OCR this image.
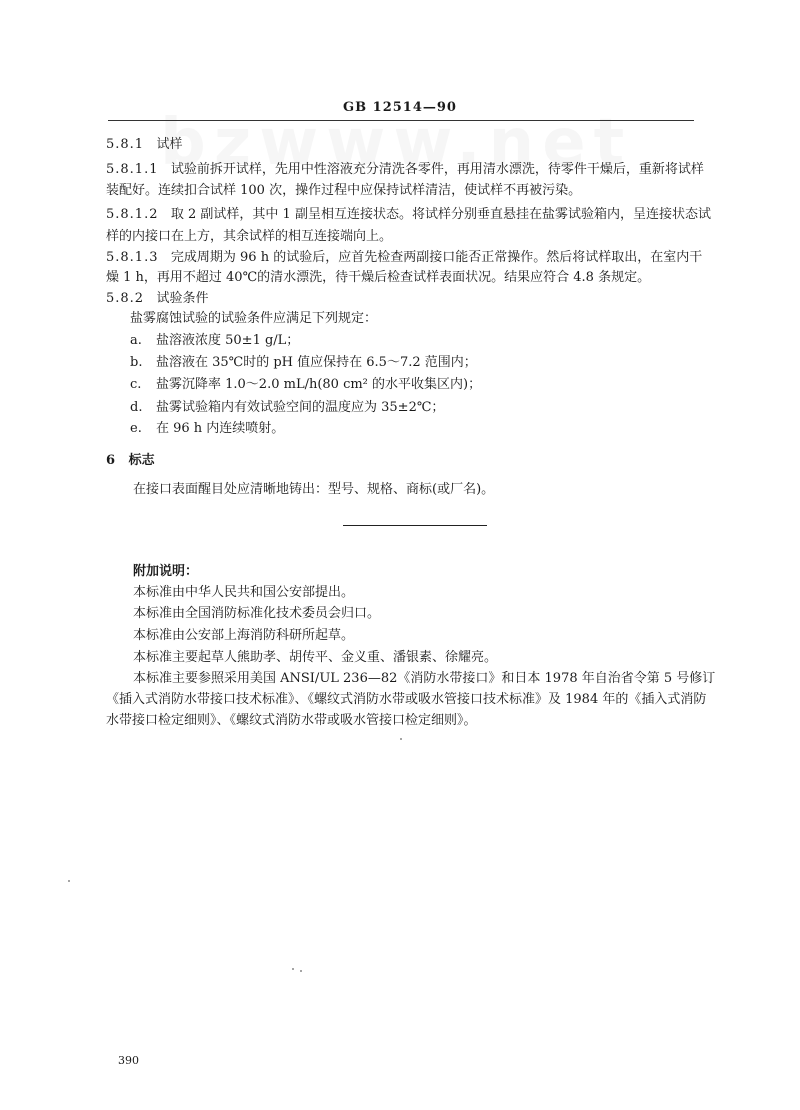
GB 12514—90
5.8.1 试样
5.8.1.1 试验前拆开试样，先用中性溶液充分清洗各零件，再用清水漂洗，待零件干燥后，重新将试样
装配好。连续扣合试样 100 次，操作过程中应保持试样清洁，使试样不再被污染。
5.8.1.2 取 2 副试样，其中 1 副呈相互连接状态。将试样分别垂直悬挂在盐雾试验箱内，呈连接状态试
样的内接口在上方，其余试样的相互连接端向上。
5.8.1.3 完成周期为 96 h 的试验后，应首先检查两副接口能否正常操作。然后将试样取出，在室内干
燥 1 h，再用不超过 40℃的清水漂洗，待干燥后检查试样表面状况。结果应符合 4.8 条规定。
5.8.2 试验条件
盐雾腐蚀试验的试验条件应满足下列规定：
a. 盐溶液浓度 50±1 g/L；
b. 盐溶液在 35℃时的 pH 值应保持在 6.5～7.2 范围内；
c. 盐雾沉降率 1.0～2.0 mL/h(80 cm² 的水平收集区内)；
d. 盐雾试验箱内有效试验空间的温度应为 35±2℃；
e. 在 96 h 内连续喷射。
6 标志
在接口表面醒目处应清晰地铸出：型号、规格、商标(或厂名)。
附加说明：
本标准由中华人民共和国公安部提出。
本标准由全国消防标准化技术委员会归口。
本标准由公安部上海消防科研所起草。
本标准主要起草人熊助孝、胡传平、金义重、潘银素、徐耀亮。
本标准主要参照采用美国 ANSI/UL 236—82《消防水带接口》和日本 1978 年自治省令第 5 号修订
《插入式消防水带接口技术标准》、《螺纹式消防水带或吸水管接口技术标准》及 1984 年的《插入式消防
水带接口检定细则》、《螺纹式消防水带或吸水管接口检定细则》。
390
